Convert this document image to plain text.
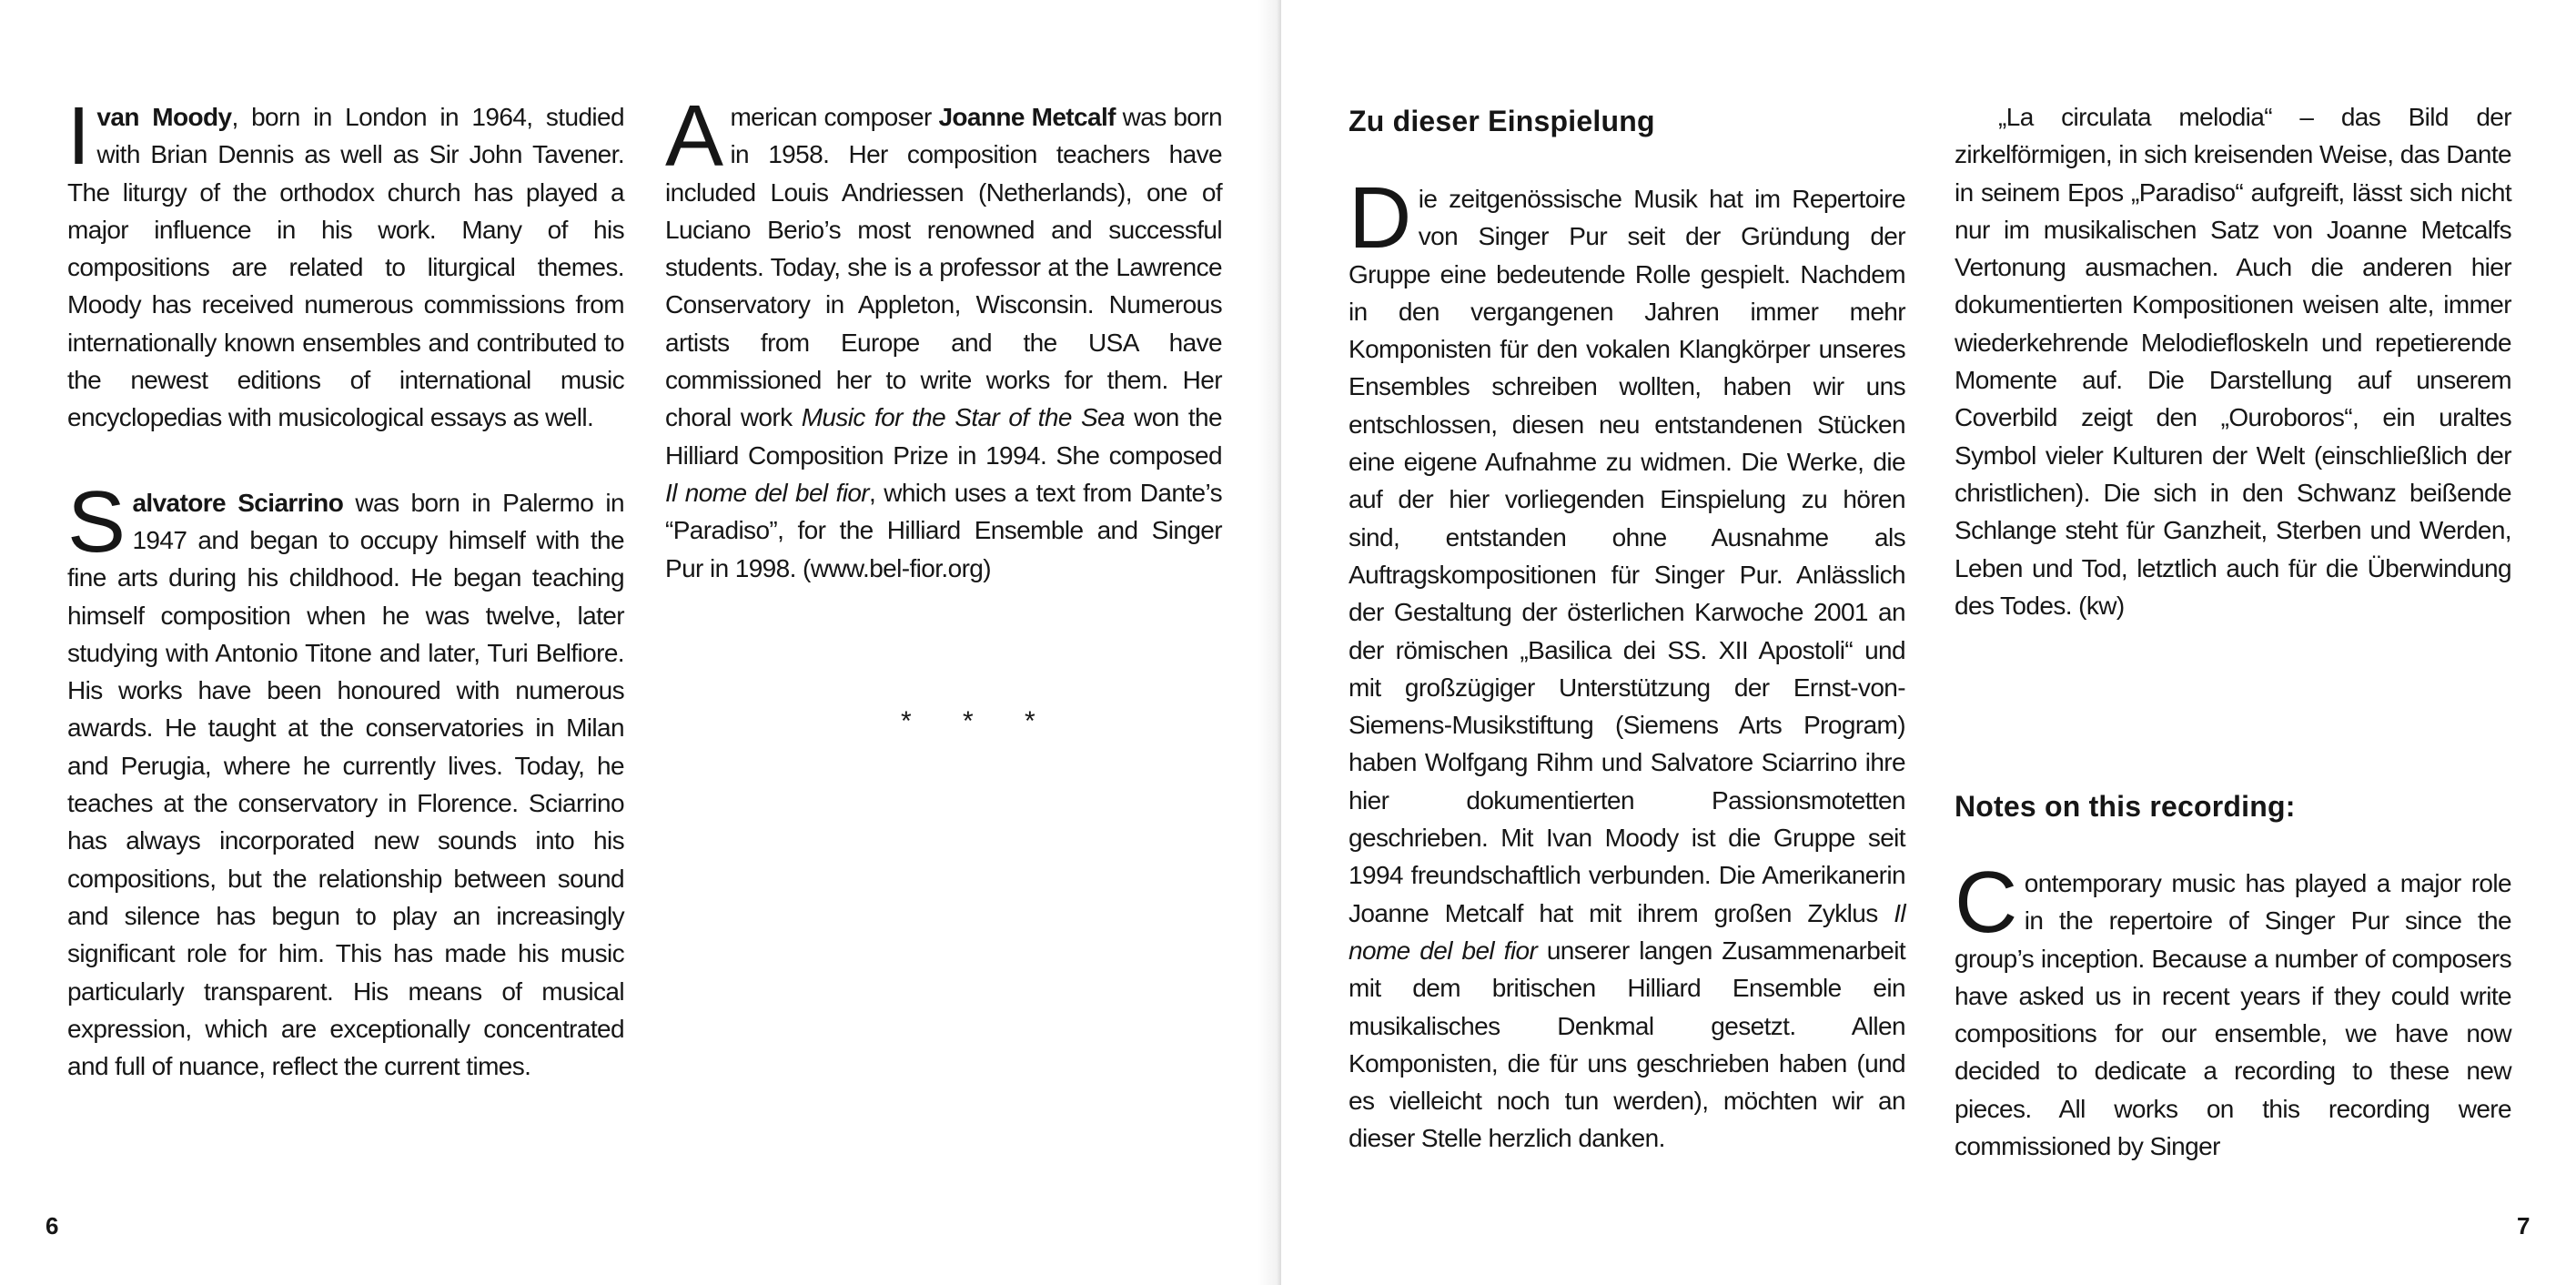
Ivan Moody, born in London in 1964, studied with Brian Dennis as well as Sir John Tavener. The liturgy of the orthodox church has played a major influence in his work. Many of his compositions are related to liturgical themes. Moody has received numerous commissions from internationally known ensembles and contributed to the newest editions of international music encyclopedias with musicological essays as well.

Salvatore Sciarrino was born in Palermo in 1947 and began to occupy himself with the fine arts during his childhood. He began teaching himself composition when he was twelve, later studying with Antonio Titone and later, Turi Belfiore. His works have been honoured with numerous awards. He taught at the conservatories in Milan and Perugia, where he currently lives. Today, he teaches at the conservatory in Florence. Sciarrino has always incorporated new sounds into his compositions, but the relationship between sound and silence has begun to play an increasingly significant role for him. This has made his music particularly transparent. His means of musical expression, which are exceptionally concentrated and full of nuance, reflect the current times.

American composer Joanne Metcalf was born in 1958. Her composition teachers have included Louis Andriessen (Netherlands), one of Luciano Berio’s most renowned and successful students. Today, she is a professor at the Lawrence Conservatory in Appleton, Wisconsin. Numerous artists from Europe and the USA have commissioned her to write works for them. Her choral work Music for the Star of the Sea won the Hilliard Composition Prize in 1994. She composed Il nome del bel fior, which uses a text from Dante’s “Paradiso”, for the Hilliard Ensemble and Singer Pur in 1998. (www.bel-fior.org)

* * *
6
Zu dieser Einspielung

Die zeitgenössische Musik hat im Repertoire von Singer Pur seit der Gründung der Gruppe eine bedeutende Rolle gespielt. Nachdem in den vergangenen Jahren immer mehr Komponisten für den vokalen Klangkörper unseres Ensembles schreiben wollten, haben wir uns entschlossen, diesen neu entstandenen Stücken eine eigene Aufnahme zu widmen. Die Werke, die auf der hier vorliegenden Einspielung zu hören sind, entstanden ohne Ausnahme als Auftragskompositionen für Singer Pur. Anlässlich der Gestaltung der österlichen Karwoche 2001 an der römischen „Basilica dei SS. XII Apostoli“ und mit großzügiger Unterstützung der Ernst-von-Siemens-Musikstiftung (Siemens Arts Program) haben Wolfgang Rihm und Salvatore Sciarrino ihre hier dokumentierten Passionsmotetten geschrieben. Mit Ivan Moody ist die Gruppe seit 1994 freundschaftlich verbunden. Die Amerikanerin Joanne Metcalf hat mit ihrem großen Zyklus Il nome del bel fior unserer langen Zusammenarbeit mit dem britischen Hilliard Ensemble ein musikalisches Denkmal gesetzt. Allen Komponisten, die für uns geschrieben haben (und es vielleicht noch tun werden), möchten wir an dieser Stelle herzlich danken.

„La circulata melodia“ – das Bild der zirkelförmigen, in sich kreisenden Weise, das Dante in seinem Epos „Paradiso“ aufgreift, lässt sich nicht nur im musikalischen Satz von Joanne Metcalfs Vertonung ausmachen. Auch die anderen hier dokumentierten Kompositionen weisen alte, immer wiederkehrende Melodiefloskeln und repetierende Momente auf. Die Darstellung auf unserem Coverbild zeigt den „Ouroboros“, ein uraltes Symbol vieler Kulturen der Welt (einschließlich der christlichen). Die sich in den Schwanz beißende Schlange steht für Ganzheit, Sterben und Werden, Leben und Tod, letztlich auch für die Überwindung des Todes. (kw)

Notes on this recording:

Contemporary music has played a major role in the repertoire of Singer Pur since the group’s inception. Because a number of composers have asked us in recent years if they could write compositions for our ensemble, we have now decided to dedicate a recording to these new pieces. All works on this recording were commissioned by Singer

7
